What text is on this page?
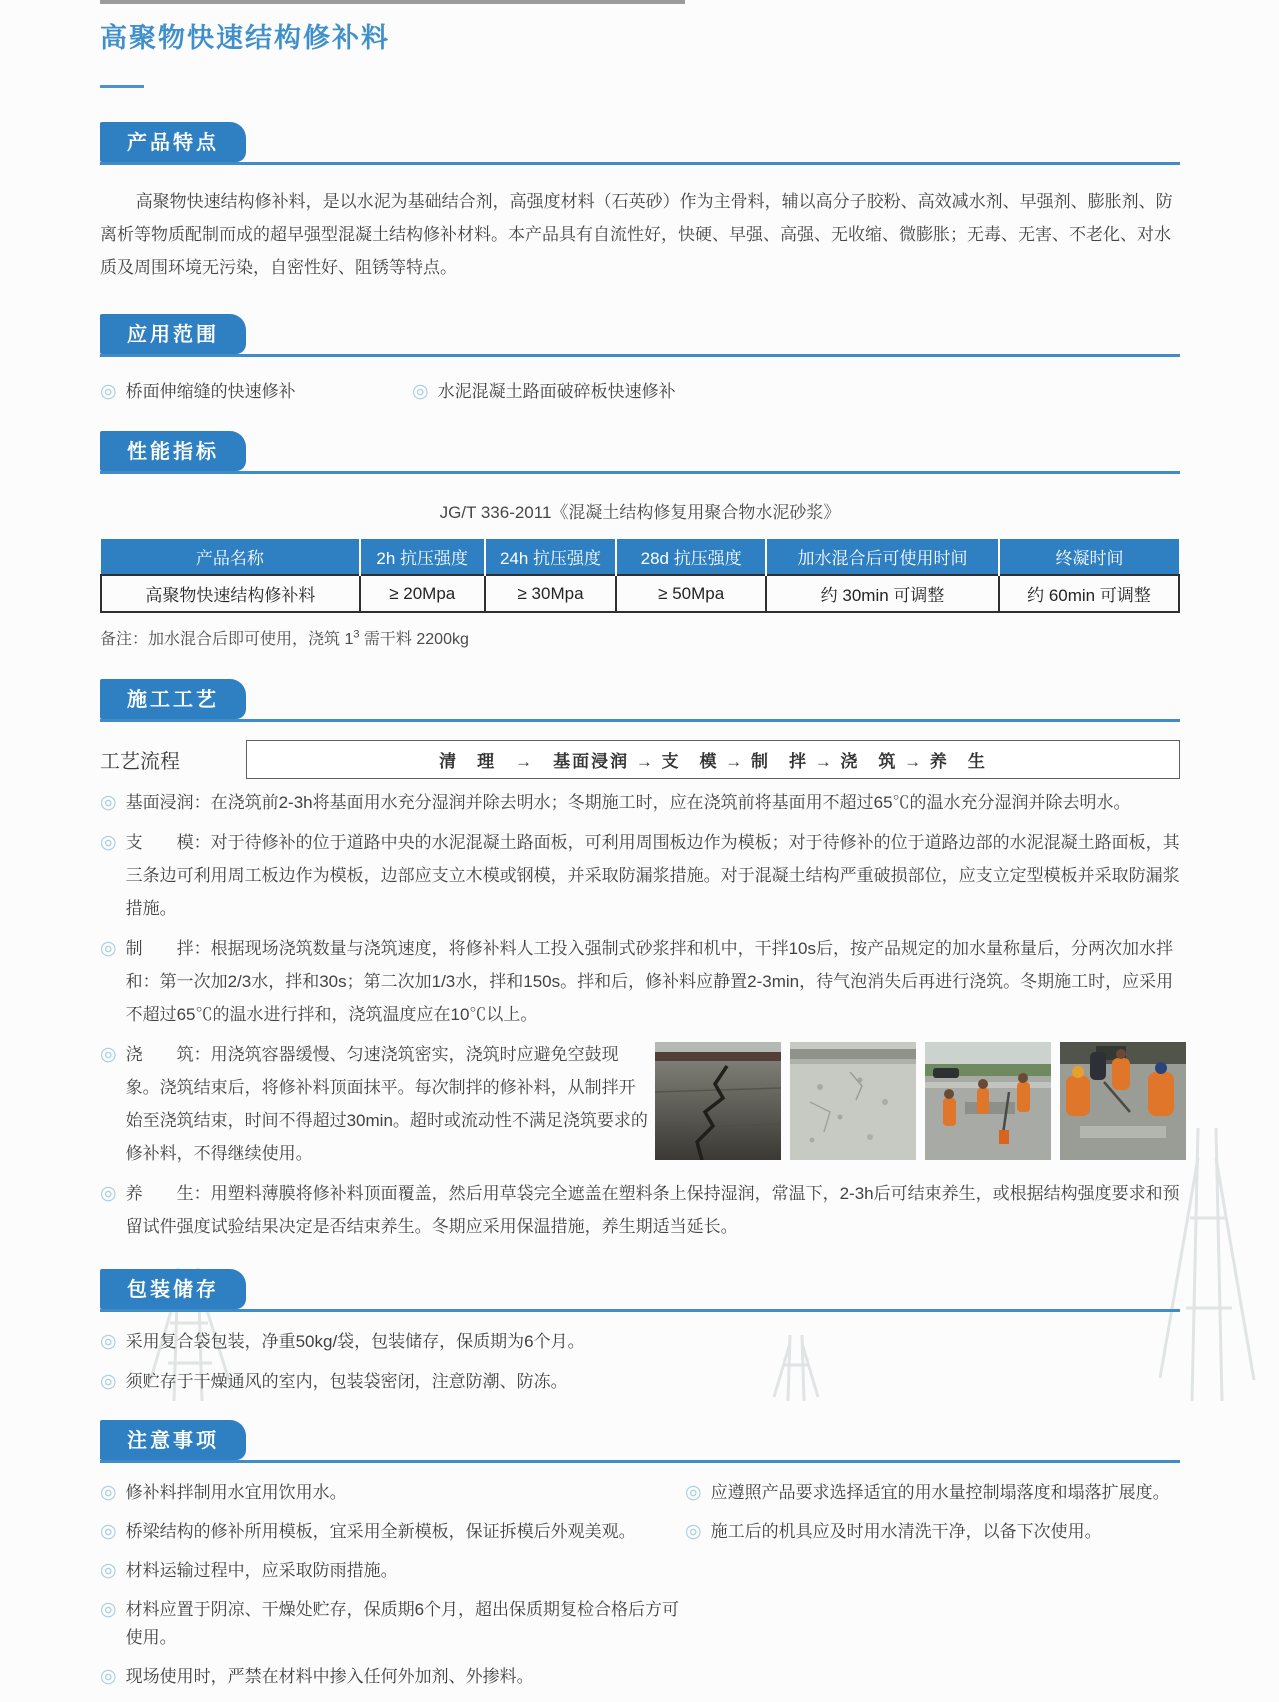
高聚物快速结构修补料
产品特点

高聚物快速结构修补料，是以水泥为基础结合剂，高强度材料（石英砂）作为主骨料，辅以高分子胶粉、高效减水剂、早强剂、膨胀剂、防离析等物质配制而成的超早强型混凝土结构修补材料。本产品具有自流性好，快硬、早强、高强、无收缩、微膨胀；无毒、无害、不老化、对水质及周围环境无污染，自密性好、阻锈等特点。

应用范围
◎ 桥面伸缩缝的快速修补	◎ 水泥混凝土路面破碎板快速修补
性能指标
JG/T 336-2011《混凝土结构修复用聚合物水泥砂浆》
产品名称	2h 抗压强度	24h 抗压强度	28d 抗压强度	加水混合后可使用时间	终凝时间
高聚物快速结构修补料	≥ 20Mpa	≥ 30Mpa	≥ 50Mpa	约 30min 可调整	约 60min 可调整

备注：加水混合后即可使用，浇筑 $1^3$ 需干料 2200kg

施工工艺
工艺流程	清　理　→　基面浸润 → 支　模 → 制　拌 → 浇　筑 → 养　生
◎ 基面浸润：在浇筑前2-3h将基面用水充分湿润并除去明水；冬期施工时，应在浇筑前将基面用不超过65℃的温水充分湿润并除去明水。
◎ 支　　模：对于待修补的位于道路中央的水泥混凝土路面板，可利用周围板边作为模板；对于待修补的位于道路边部的水泥混凝土路面板，其三条边可利用周工板边作为模板，边部应支立木模或钢模，并采取防漏浆措施。对于混凝土结构严重破损部位，应支立定型模板并采取防漏浆措施。
◎ 制　　拌：根据现场浇筑数量与浇筑速度，将修补料人工投入强制式砂浆拌和机中，干拌10s后，按产品规定的加水量称量后，分两次加水拌和：第一次加2/3水，拌和30s；第二次加1/3水，拌和150s。拌和后，修补料应静置2-3min，待气泡消失后再进行浇筑。冬期施工时，应采用不超过65℃的温水进行拌和，浇筑温度应在10℃以上。
◎ 浇　　筑：用浇筑容器缓慢、匀速浇筑密实，浇筑时应避免空鼓现象。浇筑结束后，将修补料顶面抹平。每次制拌的修补料，从制拌开始至浇筑结束，时间不得超过30min。超时或流动性不满足浇筑要求的修补料，不得继续使用。
◎ 养　　生：用塑料薄膜将修补料顶面覆盖，然后用草袋完全遮盖在塑料条上保持湿润，常温下，2-3h后可结束养生，或根据结构强度要求和预留试件强度试验结果决定是否结束养生。冬期应采用保温措施，养生期适当延长。
包装储存
◎ 采用复合袋包装，净重50kg/袋，包装储存，保质期为6个月。
◎ 须贮存于干燥通风的室内，包装袋密闭，注意防潮、防冻。
注意事项
◎ 修补料拌制用水宜用饮用水。
◎ 桥梁结构的修补所用模板，宜采用全新模板，保证拆模后外观美观。
◎ 材料运输过程中，应采取防雨措施。
◎ 材料应置于阴凉、干燥处贮存，保质期6个月，超出保质期复检合格后方可使用。
◎ 现场使用时，严禁在材料中掺入任何外加剂、外掺料。
◎ 应遵照产品要求选择适宜的用水量控制塌落度和塌落扩展度。
◎ 施工后的机具应及时用水清洗干净，以备下次使用。
